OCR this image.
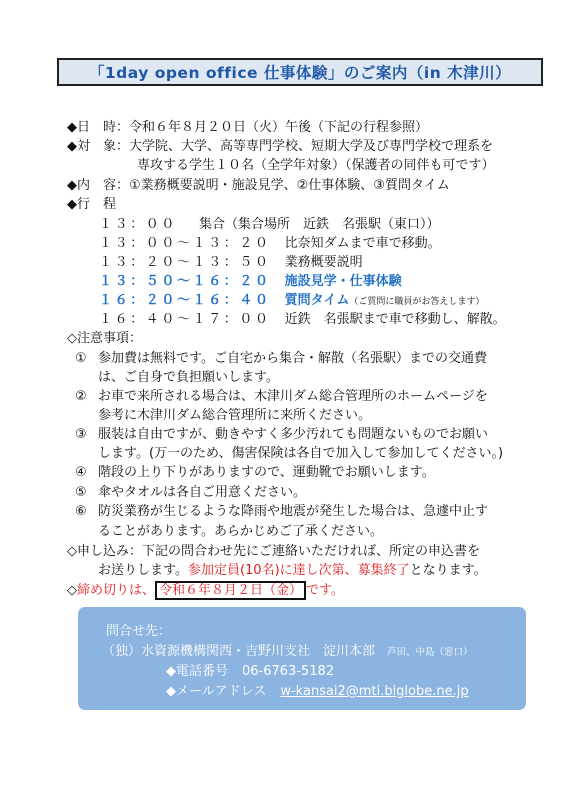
「1day open office 仕事体験」のご案内（in 木津川）
◆日　時：令和６年８月２０日（火）午後（下記の行程参照）
◆対　象：大学院、大学、高等専門学校、短期大学及び専門学校で理系を
専攻する学生１０名（全学年対象）（保護者の同伴も可です）
◆内　容：①業務概要説明・施設見学、②仕事体験、③質問タイム
◆行　程
１３：００ 集合（集合場所　近鉄　名張駅（東口））
１３：００～１３：２０ 比奈知ダムまで車で移動。
１３：２０～１３：５０ 業務概要説明
１３：５０～１６：２０ 施設見学・仕事体験
１６：２０～１６：４０ 質問タイム（ご質問に職員がお答えします）
１６：４０～１７：００ 近鉄　名張駅まで車で移動し、解散。
◇注意事項：
① 参加費は無料です。ご自宅から集合・解散（名張駅）までの交通費
は、ご自身で負担願いします。
② お車で来所される場合は、木津川ダム総合管理所のホームページを
参考に木津川ダム総合管理所に来所ください。
③ 服装は自由ですが、動きやすく多少汚れても問題ないものでお願い
します。(万一のため、傷害保険は各自で加入して参加してください。)
④ 階段の上り下りがありますので、運動靴でお願いします。
⑤ 傘やタオルは各自ご用意ください。
⑥ 防災業務が生じるような降雨や地震が発生した場合は、急遽中止す
ることがあります。あらかじめご了承ください。
◇申し込み：下記の問合わせ先にご連絡いただければ、所定の申込書を
お送りします。参加定員(10名)に達し次第、募集終了となります。
◇締め切りは、 令和６年８月２日（金） です。
問合せ先：
（独）水資源機構関西・吉野川支社　淀川本部 芦田、中島（窓口）
◆電話番号 06-6763-5182
◆メールアドレス w-kansai2@mti.biglobe.ne.jp
